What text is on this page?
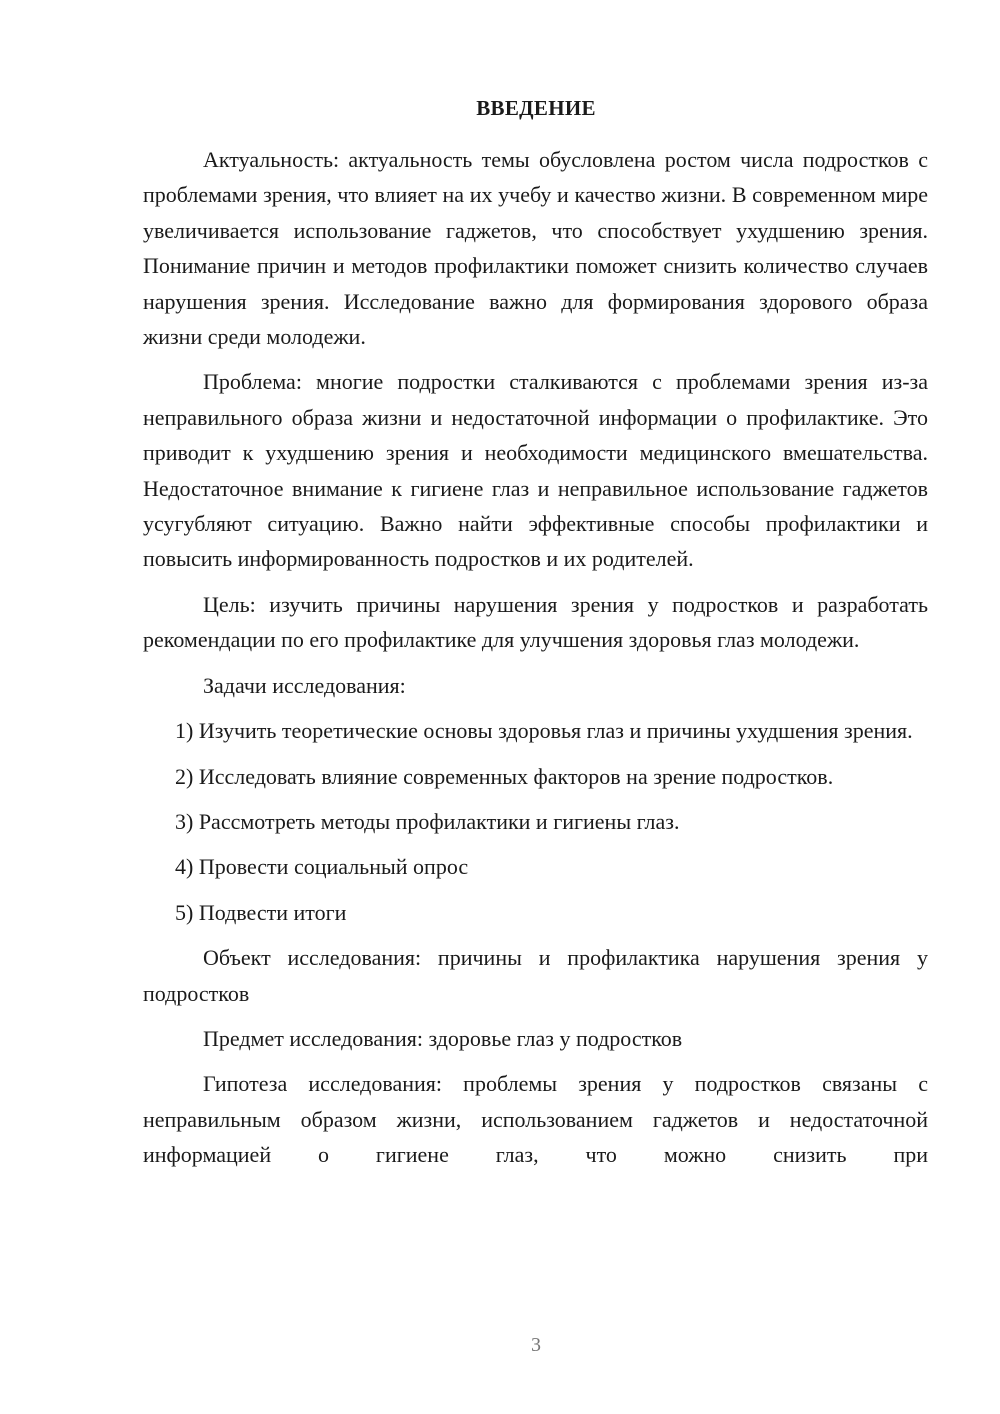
ВВЕДЕНИЕ

Актуальность: актуальность темы обусловлена ростом числа подростков с проблемами зрения, что влияет на их учебу и качество жизни. В современном мире увеличивается использование гаджетов, что способствует ухудшению зрения. Понимание причин и методов профилактики поможет снизить количество случаев нарушения зрения. Исследование важно для формирования здорового образа жизни среди молодежи.

Проблема: многие подростки сталкиваются с проблемами зрения из-за неправильного образа жизни и недостаточной информации о профилактике. Это приводит к ухудшению зрения и необходимости медицинского вмешательства. Недостаточное внимание к гигиене глаз и неправильное использование гаджетов усугубляют ситуацию. Важно найти эффективные способы профилактики и повысить информированность подростков и их родителей.

Цель: изучить причины нарушения зрения у подростков и разработать рекомендации по его профилактике для улучшения здоровья глаз молодежи.

Задачи исследования:

1) Изучить теоретические основы здоровья глаз и причины ухудшения зрения.

2) Исследовать влияние современных факторов на зрение подростков.

3) Рассмотреть методы профилактики и гигиены глаз.

4) Провести социальный опрос

5) Подвести итоги

Объект исследования: причины и профилактика нарушения зрения у подростков

Предмет исследования: здоровье глаз у подростков

Гипотеза исследования: проблемы зрения у подростков связаны с неправильным образом жизни, использованием гаджетов и недостаточной информацией о гигиене глаз, что можно снизить при

3
